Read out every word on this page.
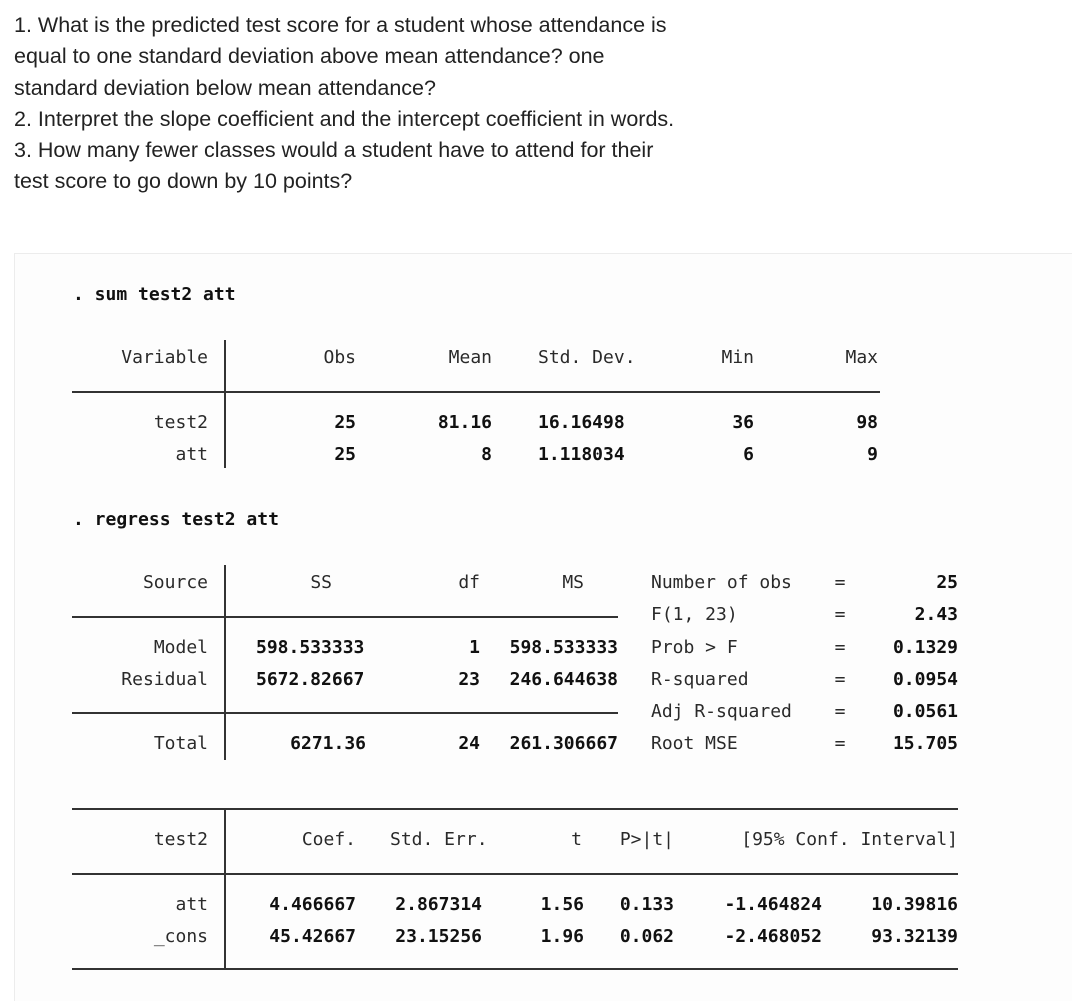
1. What is the predicted test score for a student whose attendance is
equal to one standard deviation above mean attendance? one
standard deviation below mean attendance?
2. Interpret the slope coefficient and the intercept coefficient in words.
3. How many fewer classes would a student have to attend for their
test score to go down by 10 points?
. sum test2 att
Variable	Obs	Mean	Std. Dev.	Min	Max
test2	25	81.16	16.16498	36	98
att	25	8	1.118034	6	9
. regress test2 att
Source	SS	df	MS
Model	598.533333	1	598.533333
Residual	5672.82667	23	246.644638
Total	6271.36	24	261.306667
Number of obs =	25
F(1, 23)	=	2.43
Prob > F	=	0.1329
R-squared	=	0.0954
Adj R-squared =	0.0561
Root MSE	=	15.705
test2	Coef. Std. Err.	t	P>|t|	[95% Conf. Interval]
att	4.466667	2.867314	1.56	0.133	-1.464824	10.39816
_cons	45.42667	23.15256	1.96	0.062	-2.468052	93.32139
